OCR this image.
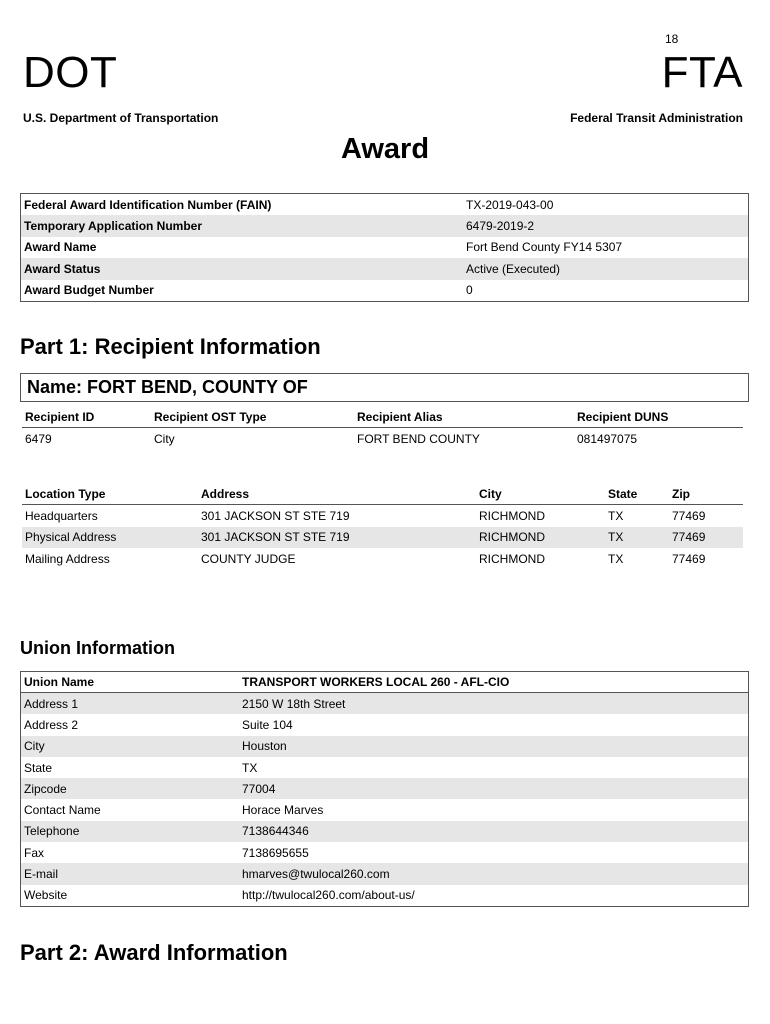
18
DOT	FTA
U.S. Department of Transportation	Federal Transit Administration
Award
Federal Award Identification Number (FAIN)	TX-2019-043-00
Temporary Application Number	6479-2019-2
Award Name	Fort Bend County FY14 5307
Award Status	Active (Executed)
Award Budget Number	0
Part 1: Recipient Information
Name: FORT BEND, COUNTY OF
Recipient ID	Recipient OST Type	Recipient Alias	Recipient DUNS
6479	City	FORT BEND COUNTY	081497075
Location Type	Address	City	State	Zip
Headquarters	301 JACKSON ST STE 719	RICHMOND	TX	77469
Physical Address	301 JACKSON ST STE 719	RICHMOND	TX	77469
Mailing Address	COUNTY JUDGE	RICHMOND	TX	77469
Union Information
Union Name	TRANSPORT WORKERS LOCAL 260 - AFL-CIO
Address 1	2150 W 18th Street
Address 2	Suite 104
City	Houston
State	TX
Zipcode	77004
Contact Name	Horace Marves
Telephone	7138644346
Fax	7138695655
E-mail	hmarves@twulocal260.com
Website	http://twulocal260.com/about-us/
Part 2: Award Information
